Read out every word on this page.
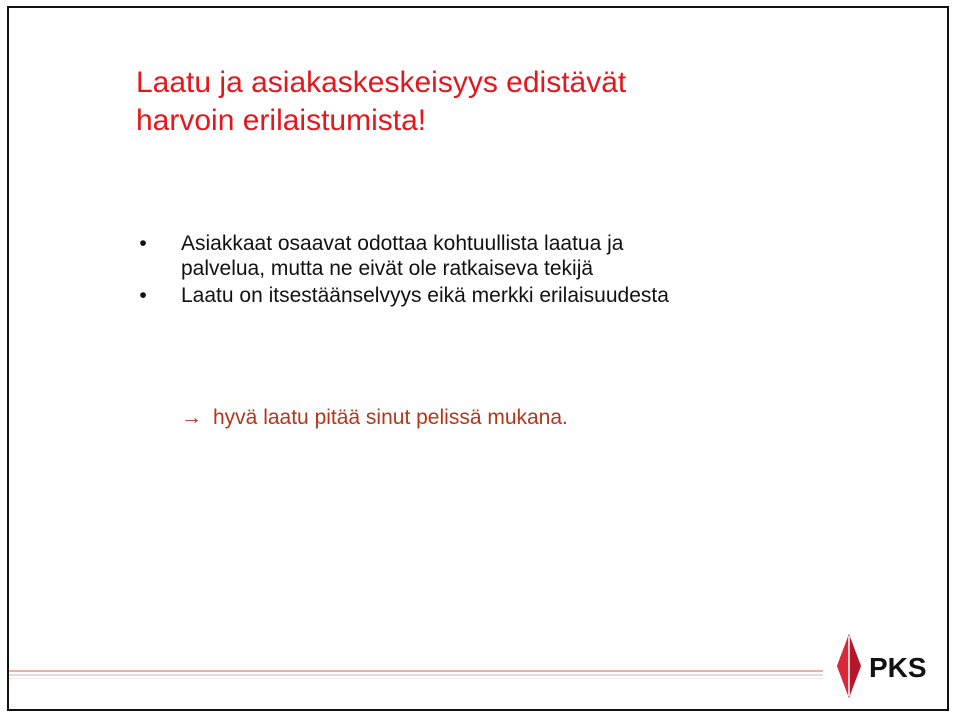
Laatu ja asiakaskeskeisyys edistävät
harvoin erilaistumista!
• Asiakkaat osaavat odottaa kohtuullista laatua ja
palvelua, mutta ne eivät ole ratkaiseva tekijä
• Laatu on itsestäänselvyys eikä merkki erilaisuudesta
→ hyvä laatu pitää sinut pelissä mukana.
PKS
